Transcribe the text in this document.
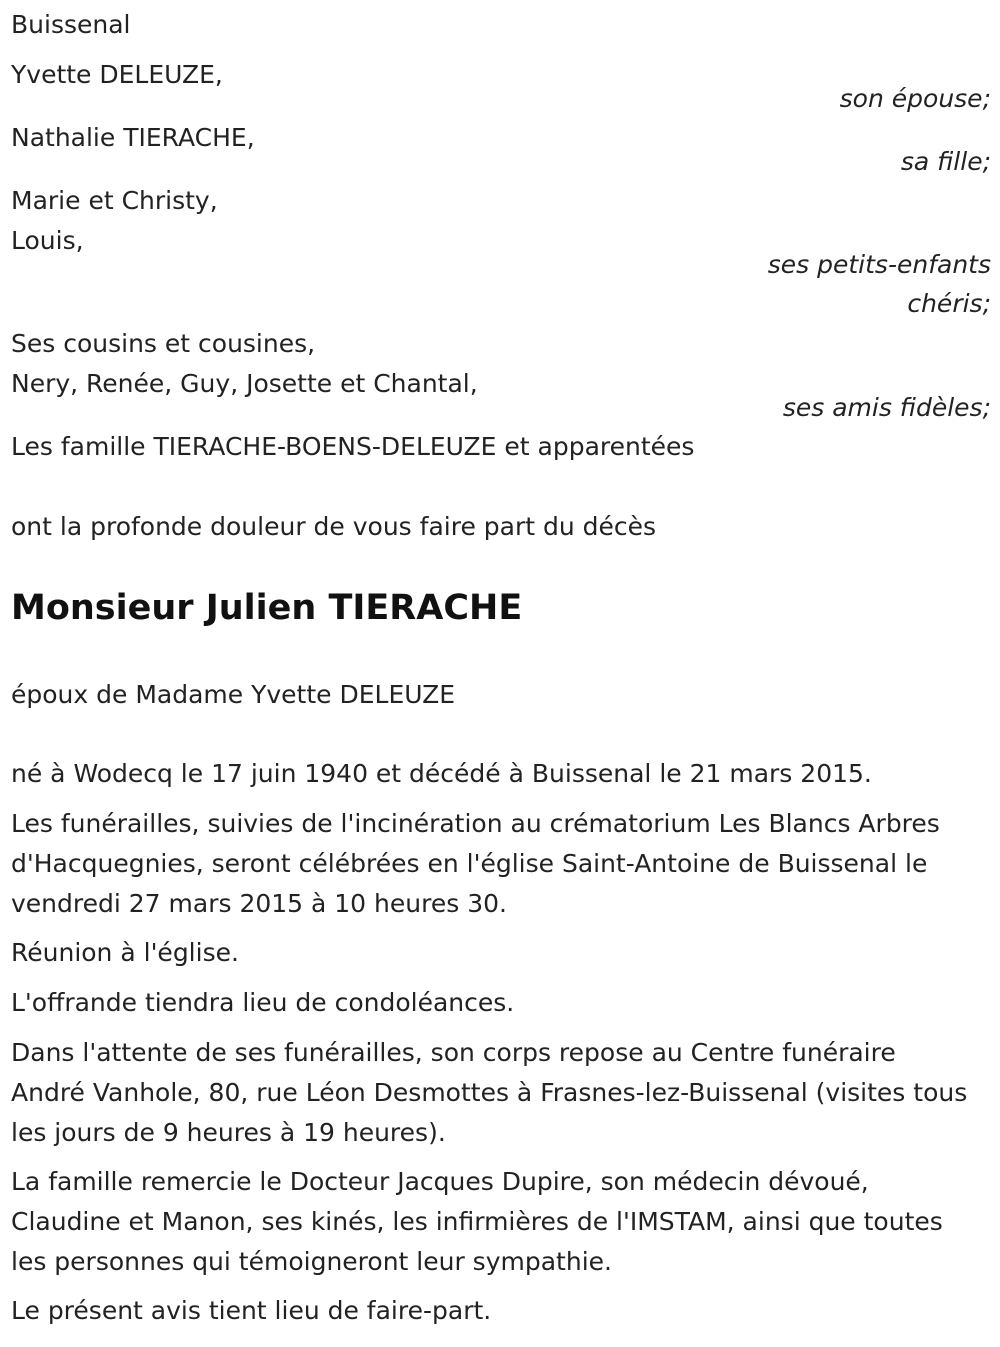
Buissenal
Yvette DELEUZE,
son épouse;
Nathalie TIERACHE,
sa fille;
Marie et Christy,
Louis,
ses petits-enfants
chéris;
Ses cousins et cousines,
Nery, Renée, Guy, Josette et Chantal,
ses amis fidèles;
Les famille TIERACHE-BOENS-DELEUZE et apparentées
ont la profonde douleur de vous faire part du décès
Monsieur Julien TIERACHE
époux de Madame Yvette DELEUZE
né à Wodecq le 17 juin 1940 et décédé à Buissenal le 21 mars 2015.
Les funérailles, suivies de l'incinération au crématorium Les Blancs Arbres d'Hacquegnies, seront célébrées en l'église Saint-Antoine de Buissenal le vendredi 27 mars 2015 à 10 heures 30.
Réunion à l'église.
L'offrande tiendra lieu de condoléances.
Dans l'attente de ses funérailles, son corps repose au Centre funéraire André Vanhole, 80, rue Léon Desmottes à Frasnes-lez-Buissenal (visites tous les jours de 9 heures à 19 heures).
La famille remercie le Docteur Jacques Dupire, son médecin dévoué, Claudine et Manon, ses kinés, les infirmières de l'IMSTAM, ainsi que toutes les personnes qui témoigneront leur sympathie.
Le présent avis tient lieu de faire-part.
